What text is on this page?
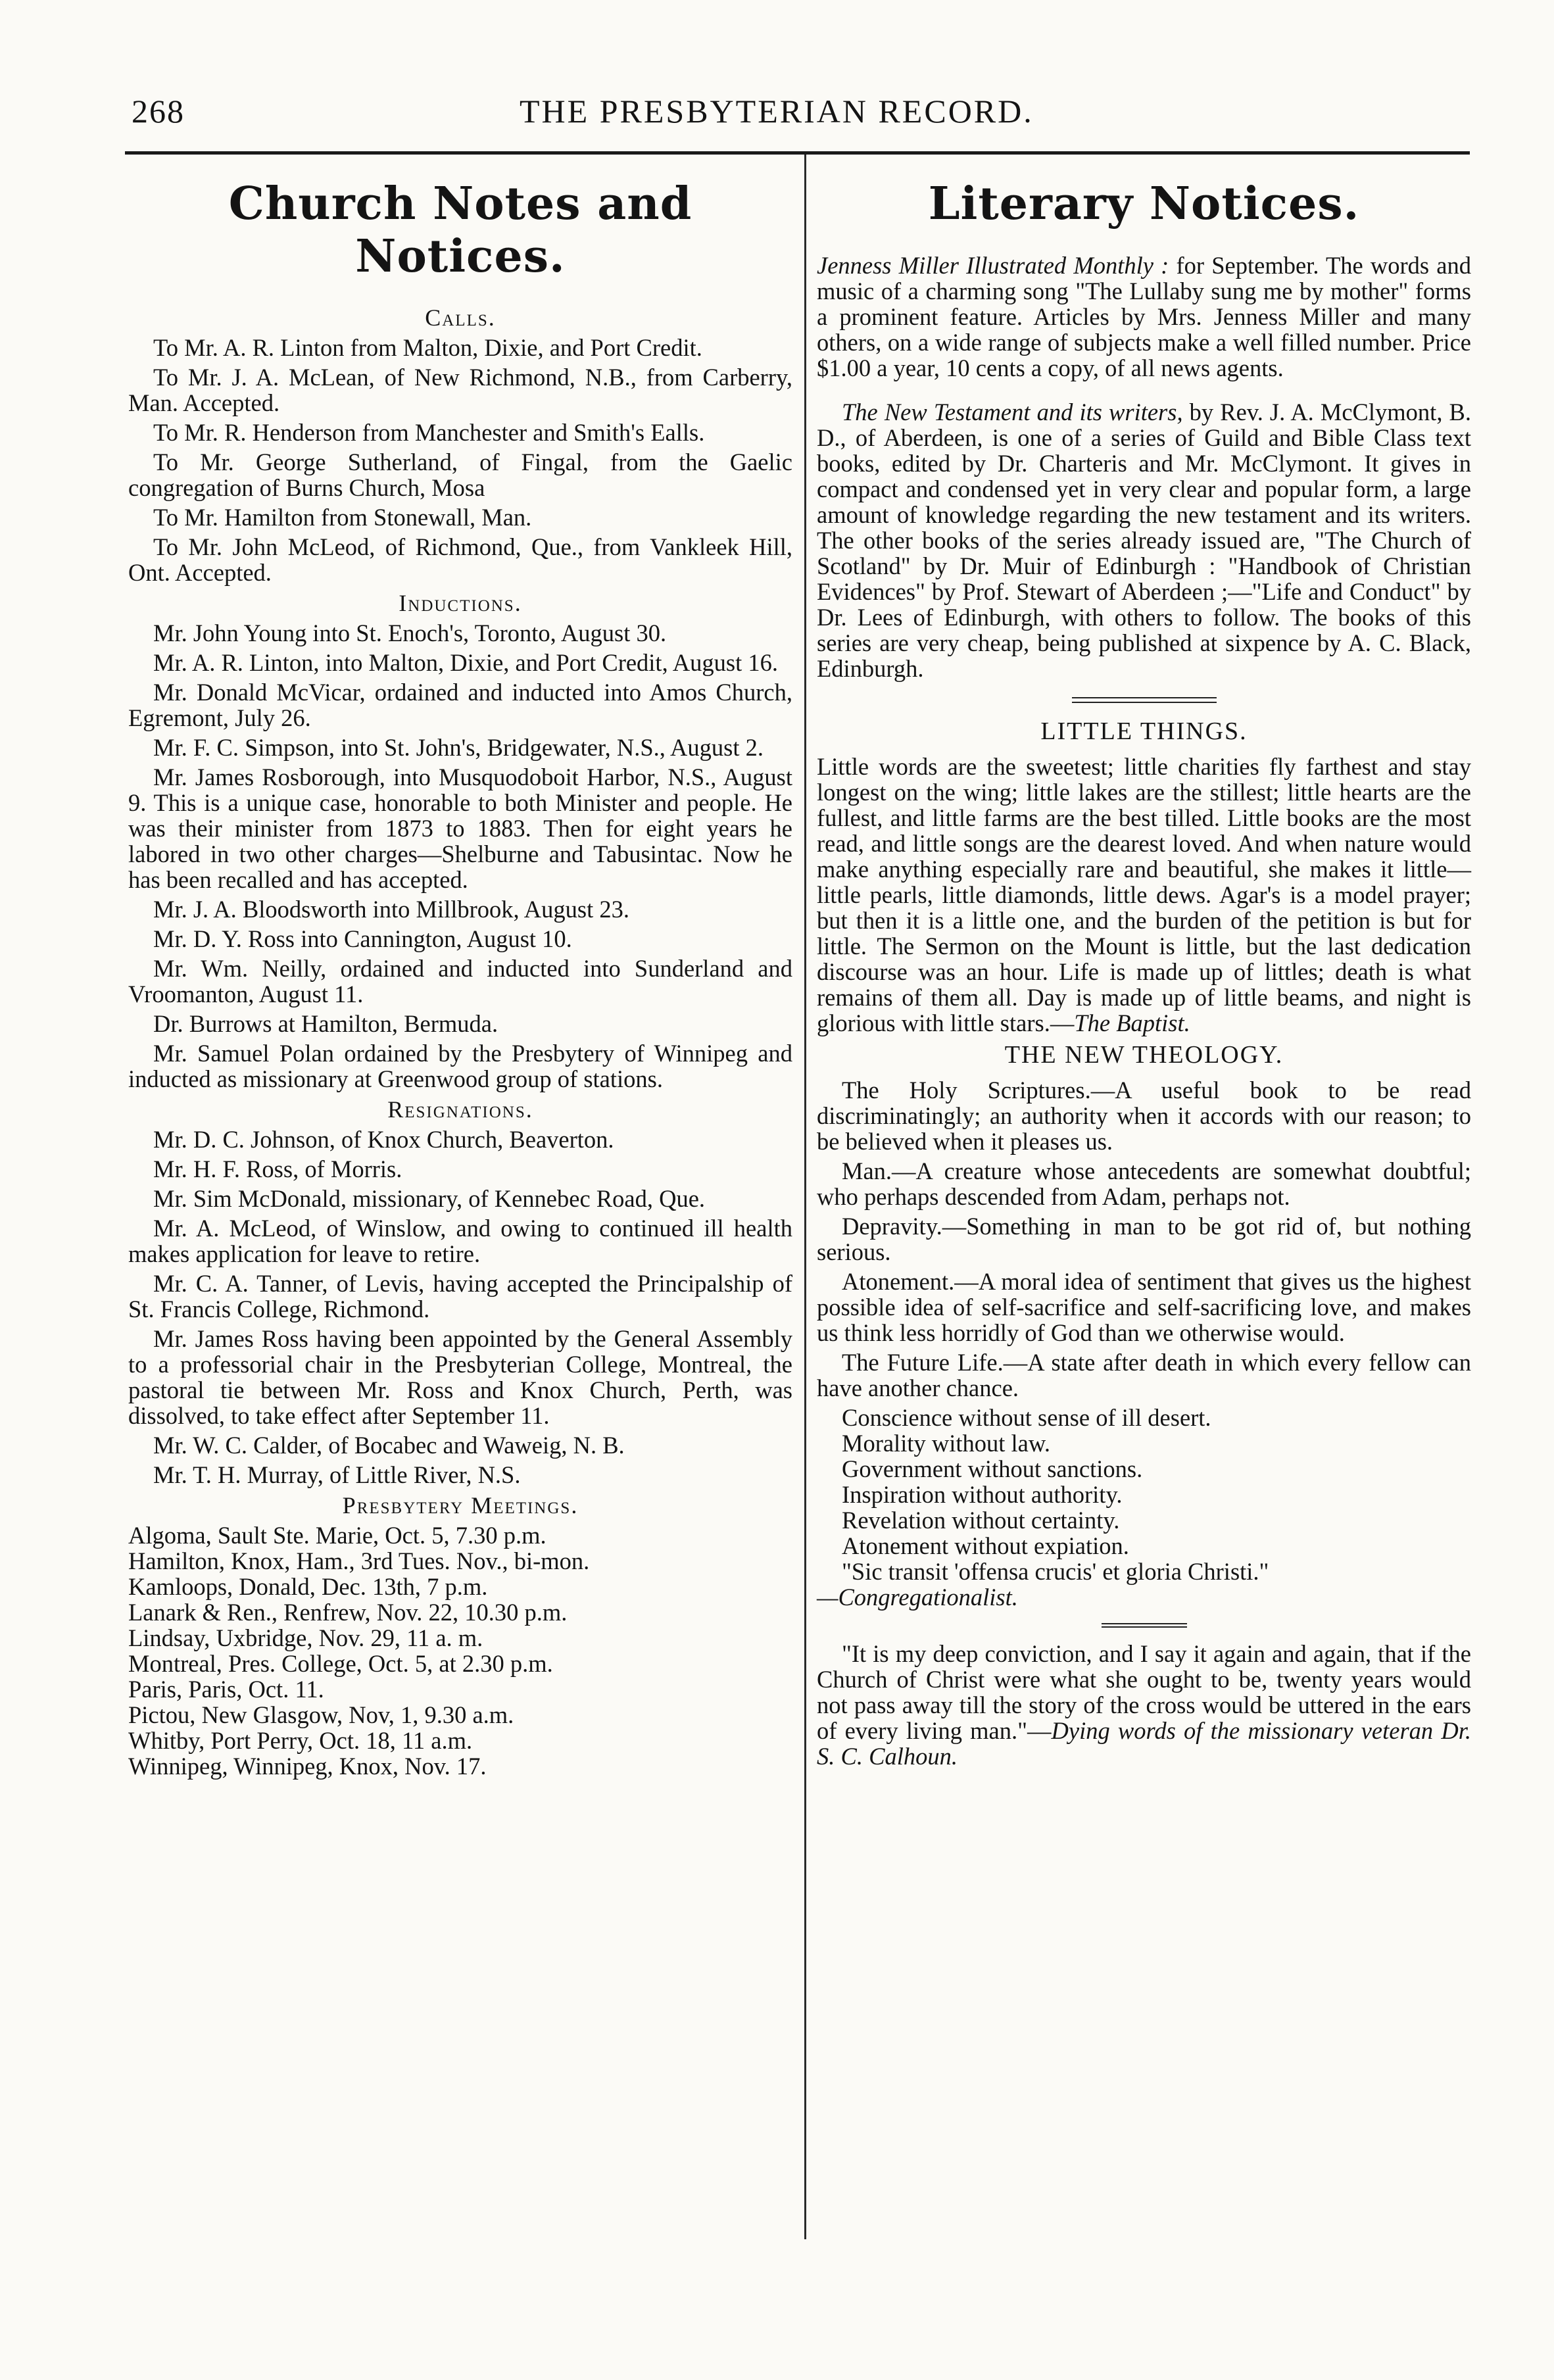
268	THE PRESBYTERIAN RECORD.
Church Notes and Notices.
Calls.

To Mr. A. R. Linton from Malton, Dixie, and Port Credit.

To Mr. J. A. McLean, of New Richmond, N.B., from Carberry, Man. Accepted.

To Mr. R. Henderson from Manchester and Smith's Ealls.

To Mr. George Sutherland, of Fingal, from the Gaelic congregation of Burns Church, Mosa

To Mr. Hamilton from Stonewall, Man.

To Mr. John McLeod, of Richmond, Que., from Vankleek Hill, Ont. Accepted.

Inductions.

Mr. John Young into St. Enoch's, Toronto, August 30.

Mr. A. R. Linton, into Malton, Dixie, and Port Credit, August 16.

Mr. Donald McVicar, ordained and inducted into Amos Church, Egremont, July 26.

Mr. F. C. Simpson, into St. John's, Bridgewater, N.S., August 2.

Mr. James Rosborough, into Musquodoboit Harbor, N.S., August 9. This is a unique case, honorable to both Minister and people. He was their minister from 1873 to 1883. Then for eight years he labored in two other charges—Shelburne and Tabusintac. Now he has been recalled and has accepted.

Mr. J. A. Bloodsworth into Millbrook, August 23.

Mr. D. Y. Ross into Cannington, August 10.

Mr. Wm. Neilly, ordained and inducted into Sunderland and Vroomanton, August 11.

Dr. Burrows at Hamilton, Bermuda.

Mr. Samuel Polan ordained by the Presbytery of Winnipeg and inducted as missionary at Greenwood group of stations.

Resignations.

Mr. D. C. Johnson, of Knox Church, Beaverton.

Mr. H. F. Ross, of Morris.

Mr. Sim McDonald, missionary, of Kennebec Road, Que.

Mr. A. McLeod, of Winslow, and owing to continued ill health makes application for leave to retire.

Mr. C. A. Tanner, of Levis, having accepted the Principalship of St. Francis College, Richmond.

Mr. James Ross having been appointed by the General Assembly to a professorial chair in the Presbyterian College, Montreal, the pastoral tie between Mr. Ross and Knox Church, Perth, was dissolved, to take effect after September 11.

Mr. W. C. Calder, of Bocabec and Waweig, N. B.

Mr. T. H. Murray, of Little River, N.S.

Presbytery Meetings.
Algoma, Sault Ste. Marie, Oct. 5, 7.30 p.m.
Hamilton, Knox, Ham., 3rd Tues. Nov., bi-mon.
Kamloops, Donald, Dec. 13th, 7 p.m.
Lanark & Ren., Renfrew, Nov. 22, 10.30 p.m.
Lindsay, Uxbridge, Nov. 29, 11 a. m.
Montreal, Pres. College, Oct. 5, at 2.30 p.m.
Paris, Paris, Oct. 11.
Pictou, New Glasgow, Nov, 1, 9.30 a.m.
Whitby, Port Perry, Oct. 18, 11 a.m.
Winnipeg, Winnipeg, Knox, Nov. 17.
Literary Notices.

Jenness Miller Illustrated Monthly : for September. The words and music of a charming song "The Lullaby sung me by mother" forms a prominent feature. Articles by Mrs. Jenness Miller and many others, on a wide range of subjects make a well filled number. Price $1.00 a year, 10 cents a copy, of all news agents.

The New Testament and its writers, by Rev. J. A. McClymont, B. D., of Aberdeen, is one of a series of Guild and Bible Class text books, edited by Dr. Charteris and Mr. McClymont. It gives in compact and condensed yet in very clear and popular form, a large amount of knowledge regarding the new testament and its writers. The other books of the series already issued are, "The Church of Scotland" by Dr. Muir of Edinburgh : "Handbook of Christian Evidences" by Prof. Stewart of Aberdeen ;—"Life and Conduct" by Dr. Lees of Edinburgh, with others to follow. The books of this series are very cheap, being published at sixpence by A. C. Black, Edinburgh.

LITTLE THINGS.

Little words are the sweetest; little charities fly farthest and stay longest on the wing; little lakes are the stillest; little hearts are the fullest, and little farms are the best tilled. Little books are the most read, and little songs are the dearest loved. And when nature would make anything especially rare and beautiful, she makes it little—little pearls, little diamonds, little dews. Agar's is a model prayer; but then it is a little one, and the burden of the petition is but for little. The Sermon on the Mount is little, but the last dedication discourse was an hour. Life is made up of littles; death is what remains of them all. Day is made up of little beams, and night is glorious with little stars.—The Baptist.

THE NEW THEOLOGY.

The Holy Scriptures.—A useful book to be read discriminatingly; an authority when it accords with our reason; to be believed when it pleases us.

Man.—A creature whose antecedents are somewhat doubtful; who perhaps descended from Adam, perhaps not.

Depravity.—Something in man to be got rid of, but nothing serious.

Atonement.—A moral idea of sentiment that gives us the highest possible idea of self-sacrifice and self-sacrificing love, and makes us think less horridly of God than we otherwise would.

The Future Life.—A state after death in which every fellow can have another chance.

Conscience without sense of ill desert.
Morality without law.
Government without sanctions.
Inspiration without authority.
Revelation without certainty.
Atonement without expiation.
"Sic transit 'offensa crucis' et gloria Christi."
—Congregationalist.

"It is my deep conviction, and I say it again and again, that if the Church of Christ were what she ought to be, twenty years would not pass away till the story of the cross would be uttered in the ears of every living man."—Dying words of the missionary veteran Dr. S. C. Calhoun.
